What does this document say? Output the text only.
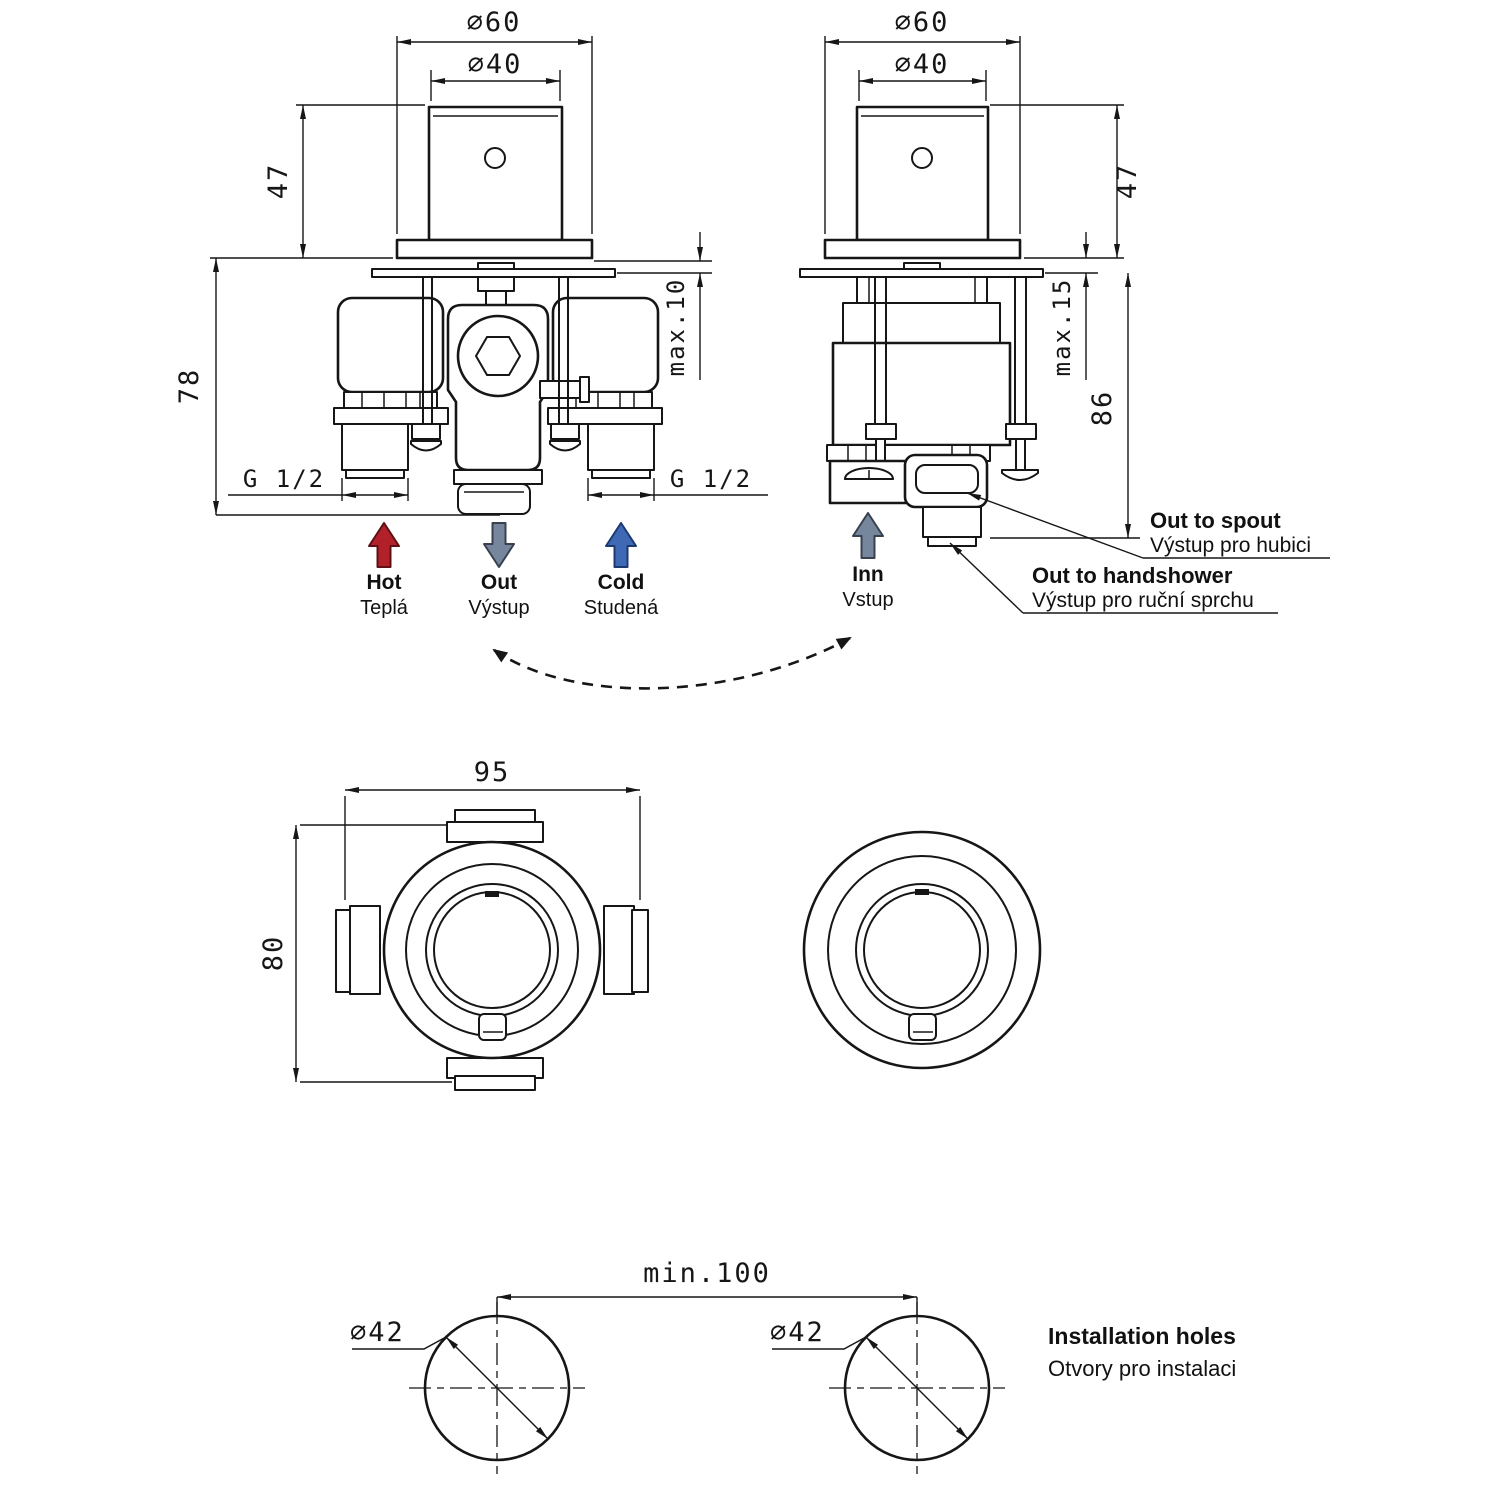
∅60
∅40
47
78
max.10
G 1/2	G 1/2
Hot
Teplá
Out
Výstup
Cold
Studená
∅60
∅40
47
max.15
86
Inn
Vstup
Out to spout
Výstup pro hubici
Out to handshower
Výstup pro ruční sprchu
95
80
min.100
∅42	∅42	Installation holes
Otvory pro instalaci
